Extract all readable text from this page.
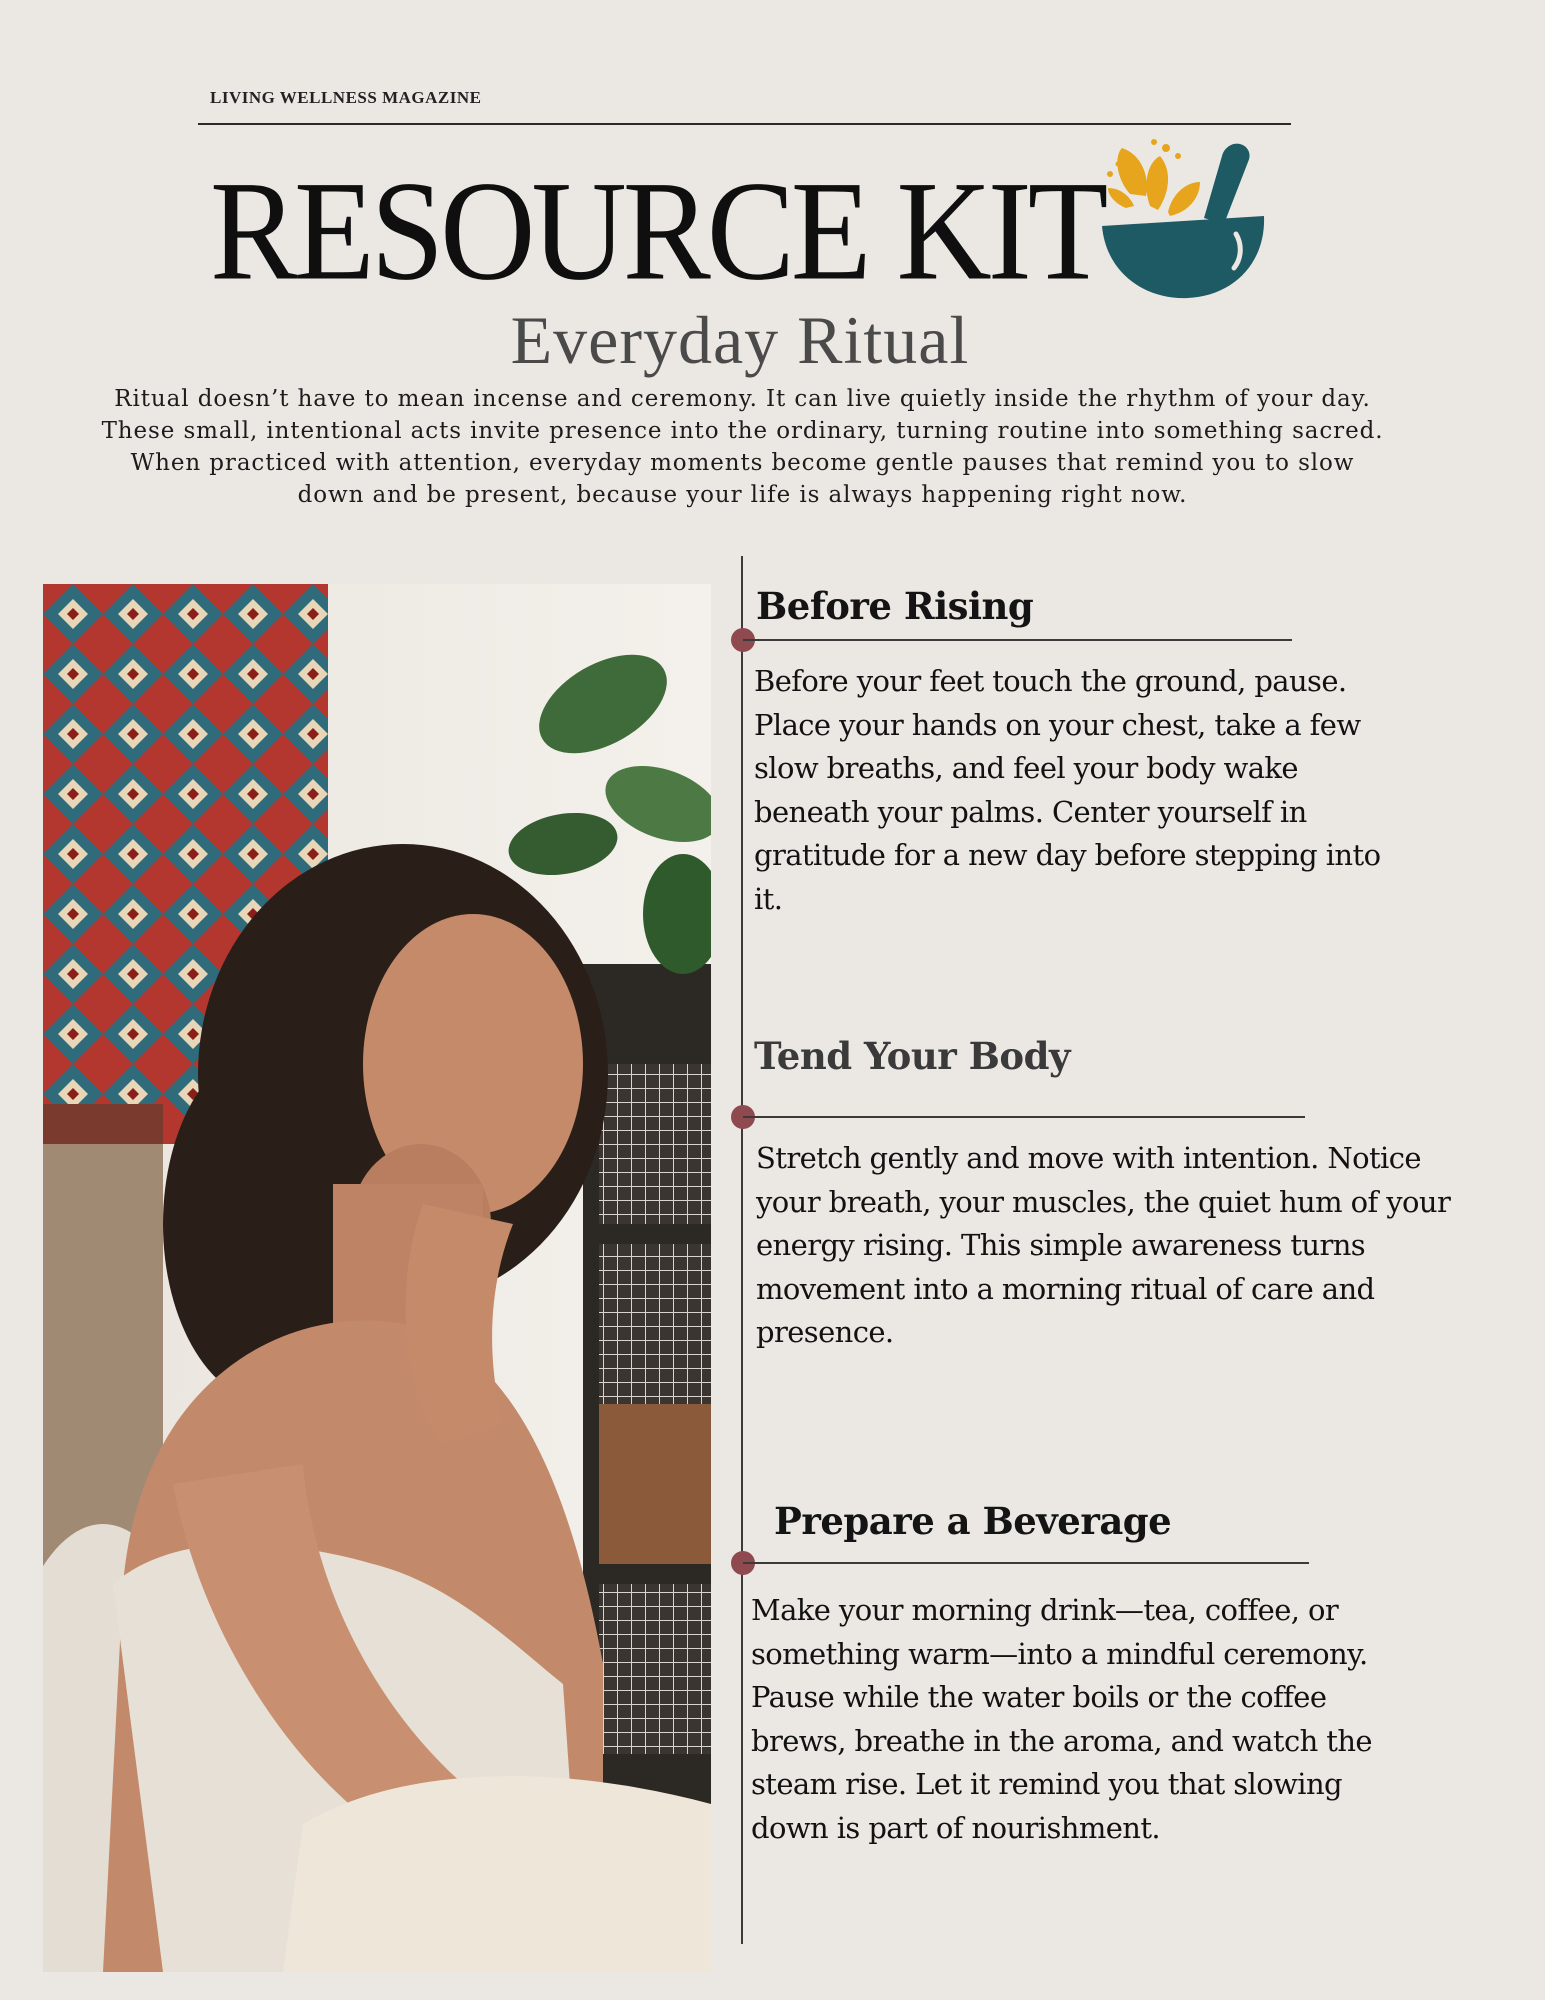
LIVING WELLNESS MAGAZINE
RESOURCE KIT
Everyday Ritual

Ritual doesn’t have to mean incense and ceremony. It can live quietly inside the rhythm of your day. These small, intentional acts invite presence into the ordinary, turning routine into something sacred. When practiced with attention, everyday moments become gentle pauses that remind you to slow down and be present, because your life is always happening right now.

Before Rising

Before your feet touch the ground, pause. Place your hands on your chest, take a few slow breaths, and feel your body wake beneath your palms. Center yourself in gratitude for a new day before stepping into it.

Tend Your Body

Stretch gently and move with intention. Notice your breath, your muscles, the quiet hum of your energy rising. This simple awareness turns movement into a morning ritual of care and presence.

Prepare a Beverage

Make your morning drink—tea, coffee, or something warm—into a mindful ceremony. Pause while the water boils or the coffee brews, breathe in the aroma, and watch the steam rise. Let it remind you that slowing down is part of nourishment.
